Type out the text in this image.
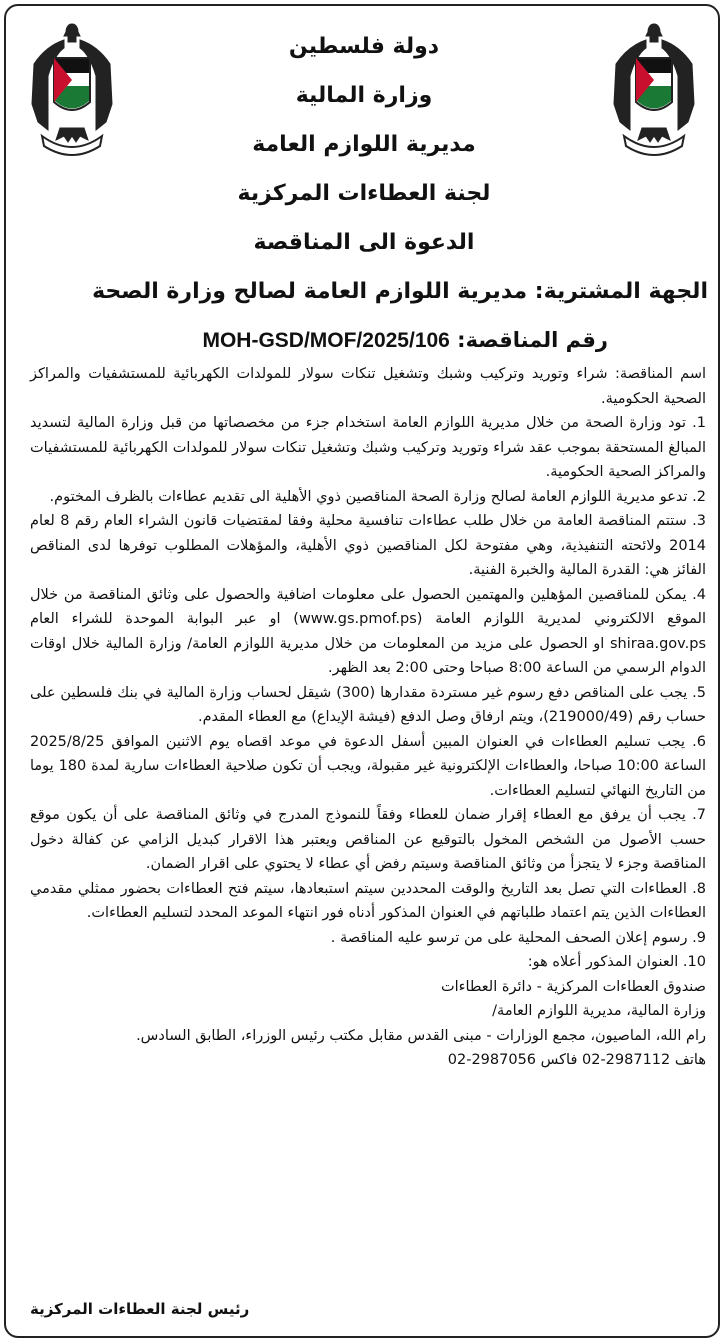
دولة فلسطين
وزارة المالية
مديرية اللوازم العامة
لجنة العطاءات المركزية
الدعوة الى المناقصة
الجهة المشترية: مديرية اللوازم العامة لصالح وزارة الصحة
رقم المناقصة: MOH-GSD/MOF/2025/106

اسم المناقصة: شراء وتوريد وتركيب وشبك وتشغيل تنكات سولار للمولدات الكهربائية للمستشفيات والمراكز الصحية الحكومية.

1. تود وزارة الصحة من خلال مديرية اللوازم العامة استخدام جزء من مخصصاتها من قبل وزارة المالية لتسديد المبالغ المستحقة بموجب عقد شراء وتوريد وتركيب وشبك وتشغيل تنكات سولار للمولدات الكهربائية للمستشفيات والمراكز الصحية الحكومية.

2. تدعو مديرية اللوازم العامة لصالح وزارة الصحة المناقصين ذوي الأهلية الى تقديم عطاءات بالظرف المختوم.

3. ستتم المناقصة العامة من خلال طلب عطاءات تنافسية محلية وفقا لمقتضيات قانون الشراء العام رقم 8 لعام 2014 ولائحته التنفيذية، وهي مفتوحة لكل المناقصين ذوي الأهلية، والمؤهلات المطلوب توفرها لدى المناقص الفائز هي: القدرة المالية والخبرة الفنية.

4. يمكن للمناقصين المؤهلين والمهتمين الحصول على معلومات اضافية والحصول على وثائق المناقصة من خلال الموقع الالكتروني لمديرية اللوازم العامة (www.gs.pmof.ps) او عبر البوابة الموحدة للشراء العام shiraa.gov.ps او الحصول على مزيد من المعلومات من خلال مديرية اللوازم العامة/ وزارة المالية خلال اوقات الدوام الرسمي من الساعة 8:00 صباحا وحتى 2:00 بعد الظهر.

5. يجب على المناقص دفع رسوم غير مستردة مقدارها (300) شيقل لحساب وزارة المالية في بنك فلسطين على حساب رقم (219000/49)، ويتم ارفاق وصل الدفع (فيشة الإيداع) مع العطاء المقدم.

6. يجب تسليم العطاءات في العنوان المبين أسفل الدعوة في موعد اقصاه يوم الاثنين الموافق 2025/8/25 الساعة 10:00 صباحا، والعطاءات الإلكترونية غير مقبولة، ويجب أن تكون صلاحية العطاءات سارية لمدة 180 يوما من التاريخ النهائي لتسليم العطاءات.

7. يجب أن يرفق مع العطاء إقرار ضمان للعطاء وفقاً للنموذج المدرج في وثائق المناقصة على أن يكون موقع حسب الأصول من الشخص المخول بالتوقيع عن المناقص ويعتبر هذا الاقرار كبديل الزامي عن كفالة دخول المناقصة وجزء لا يتجزأ من وثائق المناقصة وسيتم رفض أي عطاء لا يحتوي على اقرار الضمان.

8. العطاءات التي تصل بعد التاريخ والوقت المحددين سيتم استبعادها، سيتم فتح العطاءات بحضور ممثلي مقدمي العطاءات الذين يتم اعتماد طلباتهم في العنوان المذكور أدناه فور انتهاء الموعد المحدد لتسليم العطاءات.

9. رسوم إعلان الصحف المحلية على من ترسو عليه المناقصة .

10. العنوان المذكور أعلاه هو:

صندوق العطاءات المركزية - دائرة العطاءات

وزارة المالية، مديرية اللوازم العامة/

رام الله، الماصيون، مجمع الوزارات - مبنى القدس مقابل مكتب رئيس الوزراء، الطابق السادس.

هاتف 02-2987112 فاكس 02-2987056

رئيس لجنة العطاءات المركزية
